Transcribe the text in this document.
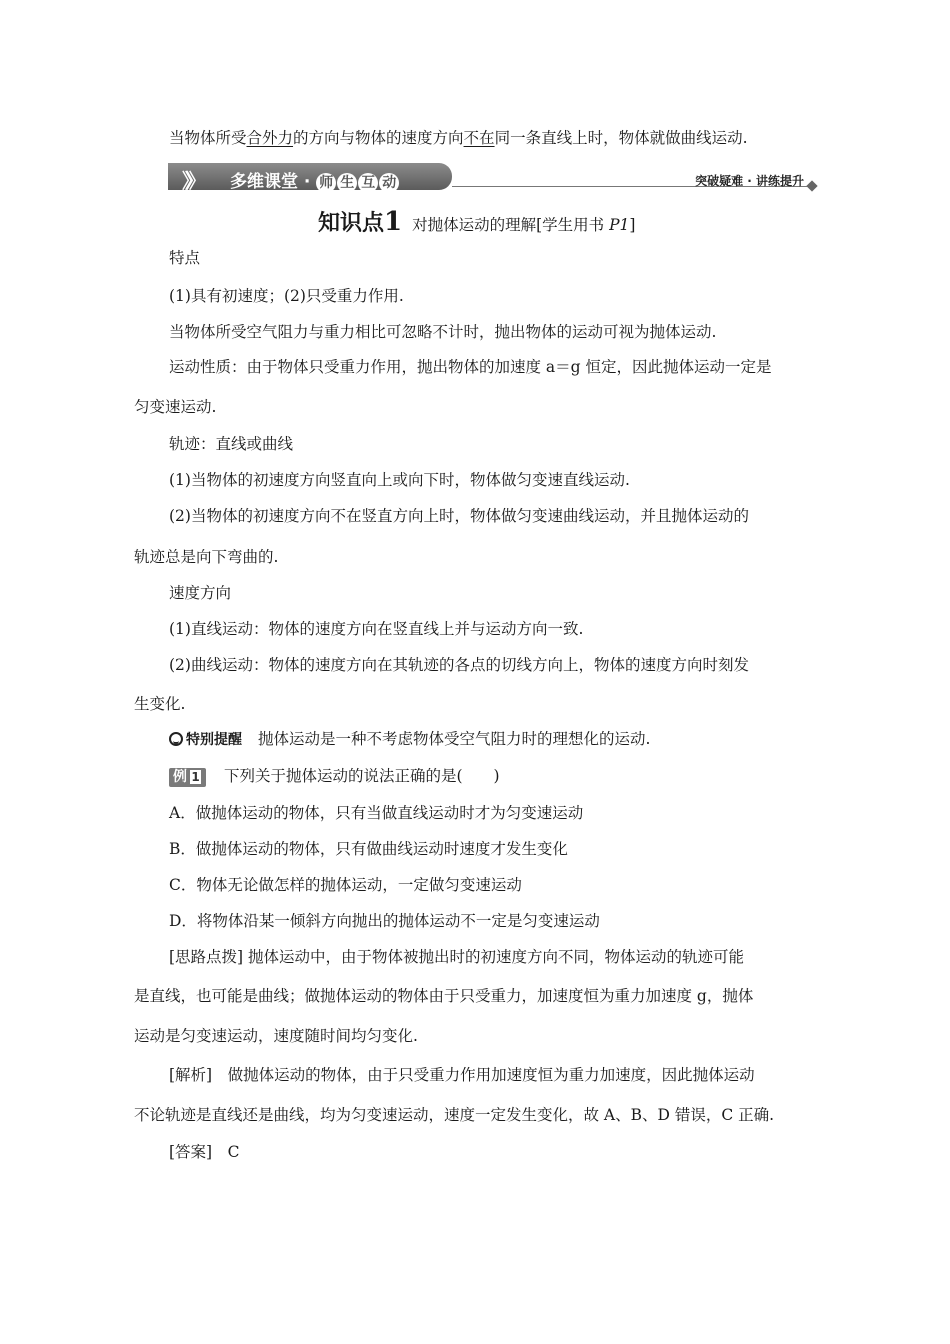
当物体所受合外力的方向与物体的速度方向不在同一条直线上时，物体就做曲线运动.
》》 多维课堂 · 师 生 互 动	突破疑难 · 讲练提升
知识点1 对抛体运动的理解[学生用书 P1]
特点
(1)具有初速度；(2)只受重力作用.
当物体所受空气阻力与重力相比可忽略不计时，抛出物体的运动可视为抛体运动.
运动性质：由于物体只受重力作用，抛出物体的加速度 a＝g 恒定，因此抛体运动一定是
匀变速运动.
轨迹：直线或曲线
(1)当物体的初速度方向竖直向上或向下时，物体做匀变速直线运动.
(2)当物体的初速度方向不在竖直方向上时，物体做匀变速曲线运动，并且抛体运动的
轨迹总是向下弯曲的.
速度方向
(1)直线运动：物体的速度方向在竖直线上并与运动方向一致.
(2)曲线运动：物体的速度方向在其轨迹的各点的切线方向上，物体的速度方向时刻发
生变化.
特别提醒 抛体运动是一种不考虑物体受空气阻力时的理想化的运动.
例 1 下列关于抛体运动的说法正确的是(　　)
A．做抛体运动的物体，只有当做直线运动时才为匀变速运动
B．做抛体运动的物体，只有做曲线运动时速度才发生变化
C．物体无论做怎样的抛体运动，一定做匀变速运动
D．将物体沿某一倾斜方向抛出的抛体运动不一定是匀变速运动
[思路点拨] 抛体运动中，由于物体被抛出时的初速度方向不同，物体运动的轨迹可能
是直线，也可能是曲线；做抛体运动的物体由于只受重力，加速度恒为重力加速度 g，抛体
运动是匀变速运动，速度随时间均匀变化.
[解析]　做抛体运动的物体，由于只受重力作用加速度恒为重力加速度，因此抛体运动
不论轨迹是直线还是曲线，均为匀变速运动，速度一定发生变化，故 A、B、D 错误，C 正确.
[答案]　C
